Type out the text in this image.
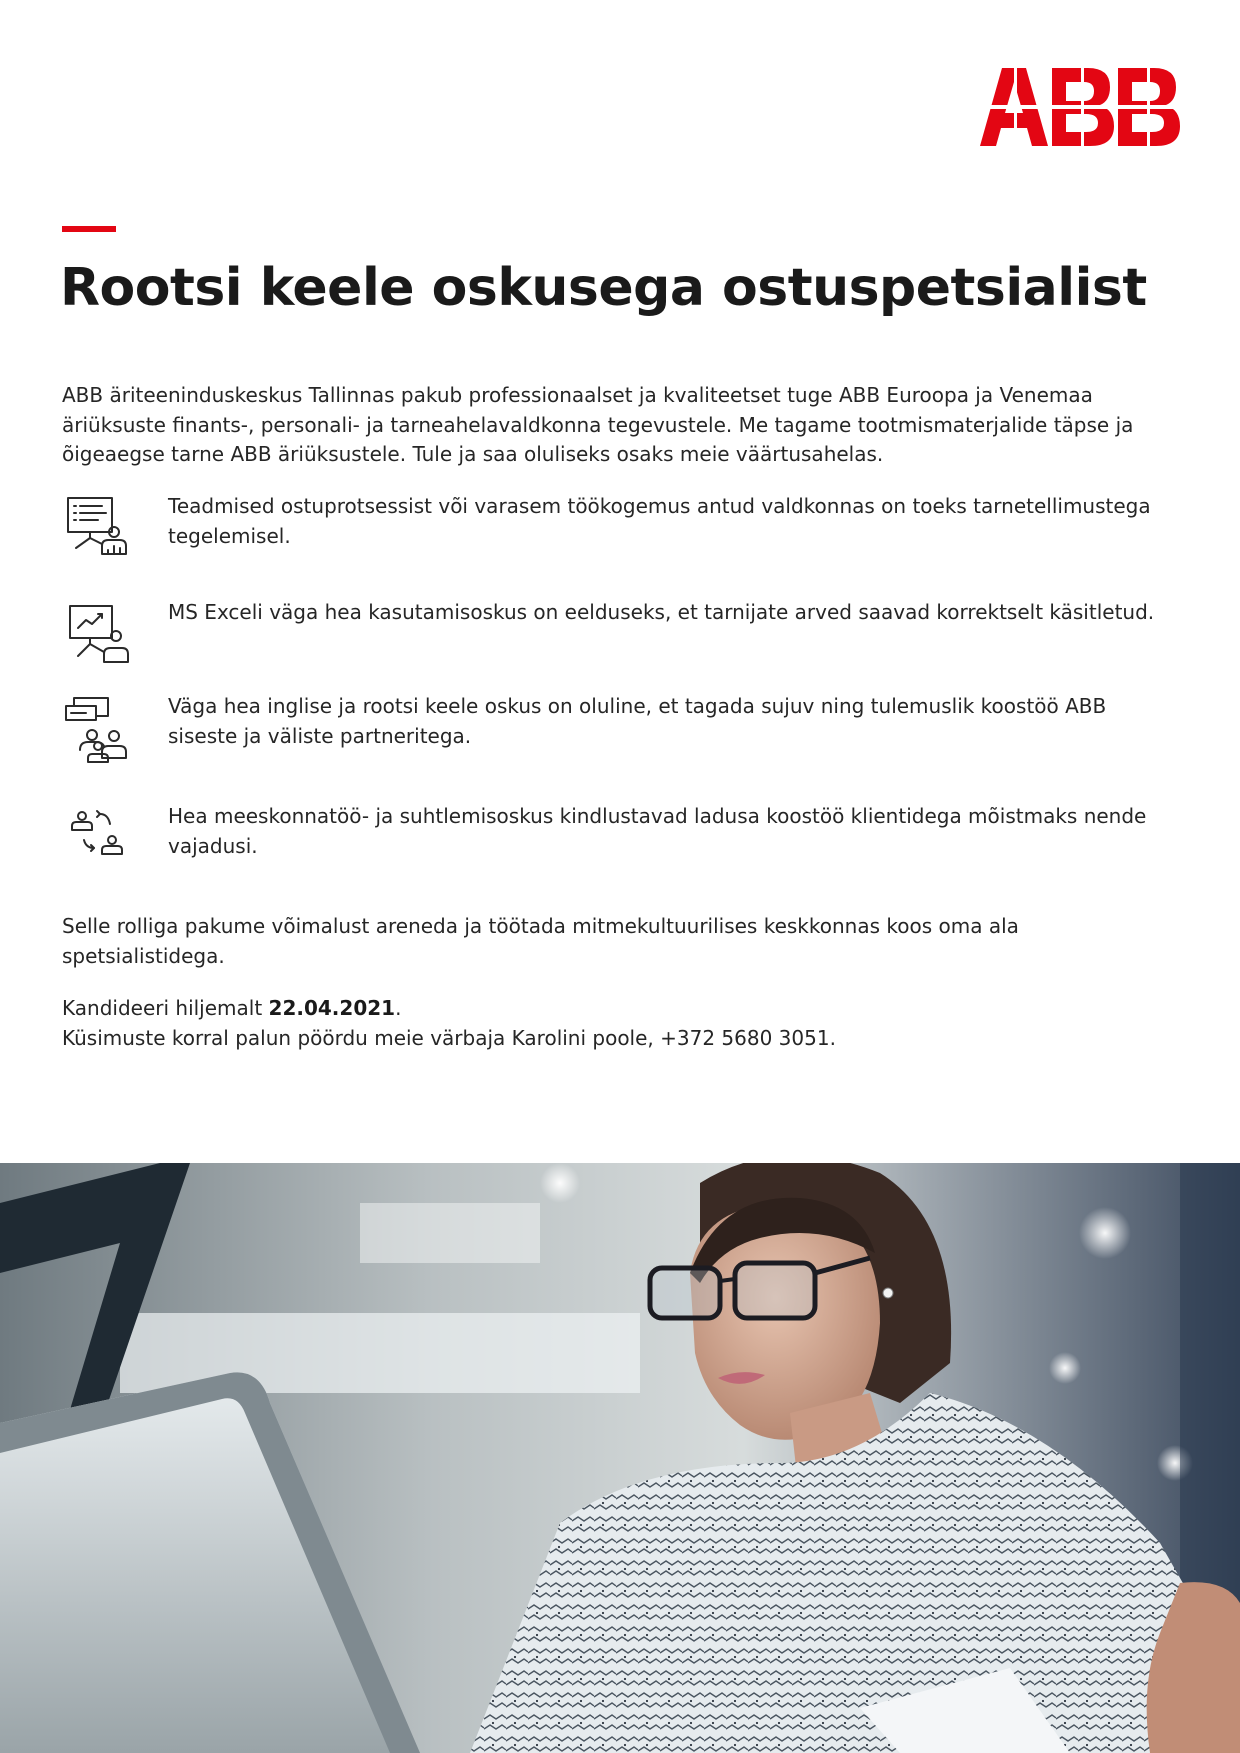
Rootsi keele oskusega ostuspetsialist

ABB äriteeninduskeskus Tallinnas pakub professionaalset ja kvaliteetset tuge ABB Euroopa ja Venemaa äriüksuste finants-, personali- ja tarneahelavaldkonna tegevustele. Me tagame tootmismaterjalide täpse ja õigeaegse tarne ABB äriüksustele. Tule ja saa oluliseks osaks meie väärtusahelas.

Teadmised ostuprotsessist või varasem töökogemus antud valdkonnas on toeks tarnetellimustega tegelemisel.

MS Exceli väga hea kasutamisoskus on eelduseks, et tarnijate arved saavad korrektselt käsitletud.

Väga hea inglise ja rootsi keele oskus on oluline, et tagada sujuv ning tulemuslik koostöö ABB siseste ja väliste partneritega.

Hea meeskonnatöö- ja suhtlemisoskus kindlustavad ladusa koostöö klientidega mõistmaks nende vajadusi.

Selle rolliga pakume võimalust areneda ja töötada mitmekultuurilises keskkonnas koos oma ala spetsialistidega.

Kandideeri hiljemalt 22.04.2021.
Küsimuste korral palun pöördu meie värbaja Karolini poole, +372 5680 3051.
